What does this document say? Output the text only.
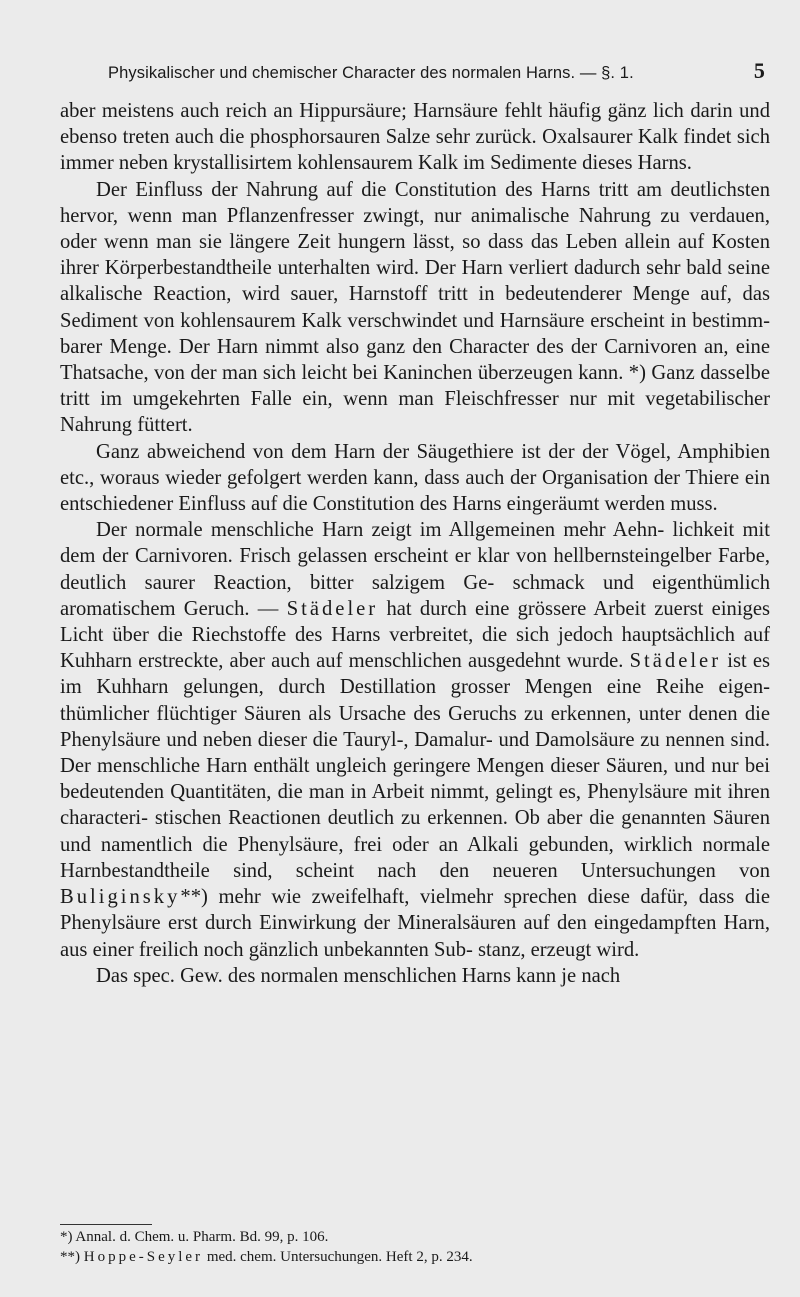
Physikalischer und chemischer Character des normalen Harns. — §. 1.	5

aber meistens auch reich an Hippursäure; Harnsäure fehlt häufig gänz lich darin und ebenso treten auch die phosphorsauren Salze sehr zurück. Oxalsaurer Kalk findet sich immer neben krystallisirtem kohlensaurem Kalk im Sedimente dieses Harns.

Der Einfluss der Nahrung auf die Constitution des Harns tritt am deutlichsten hervor, wenn man Pflanzenfresser zwingt, nur animalische Nahrung zu verdauen, oder wenn man sie längere Zeit hungern lässt, so dass das Leben allein auf Kosten ihrer Körperbestandtheile unterhalten wird. Der Harn verliert dadurch sehr bald seine alkalische Reaction, wird sauer, Harnstoff tritt in bedeutenderer Menge auf, das Sediment von kohlensaurem Kalk verschwindet und Harnsäure erscheint in bestimm- barer Menge. Der Harn nimmt also ganz den Character des der Carnivoren an, eine Thatsache, von der man sich leicht bei Kaninchen überzeugen kann. *) Ganz dasselbe tritt im umgekehrten Falle ein, wenn man Fleischfresser nur mit vegetabilischer Nahrung füttert.

Ganz abweichend von dem Harn der Säugethiere ist der der Vögel, Amphibien etc., woraus wieder gefolgert werden kann, dass auch der Organisation der Thiere ein entschiedener Einfluss auf die Constitution des Harns eingeräumt werden muss.

Der normale menschliche Harn zeigt im Allgemeinen mehr Aehn- lichkeit mit dem der Carnivoren. Frisch gelassen erscheint er klar von hellbernsteingelber Farbe, deutlich saurer Reaction, bitter salzigem Ge- schmack und eigenthümlich aromatischem Geruch. — Städeler hat durch eine grössere Arbeit zuerst einiges Licht über die Riechstoffe des Harns verbreitet, die sich jedoch hauptsächlich auf Kuhharn erstreckte, aber auch auf menschlichen ausgedehnt wurde. Städeler ist es im Kuhharn gelungen, durch Destillation grosser Mengen eine Reihe eigen- thümlicher flüchtiger Säuren als Ursache des Geruchs zu erkennen, unter denen die Phenylsäure und neben dieser die Tauryl-, Damalur- und Damolsäure zu nennen sind. Der menschliche Harn enthält ungleich geringere Mengen dieser Säuren, und nur bei bedeutenden Quantitäten, die man in Arbeit nimmt, gelingt es, Phenylsäure mit ihren characteri- stischen Reactionen deutlich zu erkennen. Ob aber die genannten Säuren und namentlich die Phenylsäure, frei oder an Alkali gebunden, wirklich normale Harnbestandtheile sind, scheint nach den neueren Untersuchungen von Buliginsky**) mehr wie zweifelhaft, vielmehr sprechen diese dafür, dass die Phenylsäure erst durch Einwirkung der Mineralsäuren auf den eingedampften Harn, aus einer freilich noch gänzlich unbekannten Sub- stanz, erzeugt wird.

Das spec. Gew. des normalen menschlichen Harns kann je nach

*) Annal. d. Chem. u. Pharm. Bd. 99, p. 106.
**) Hoppe-Seyler med. chem. Untersuchungen. Heft 2, p. 234.
